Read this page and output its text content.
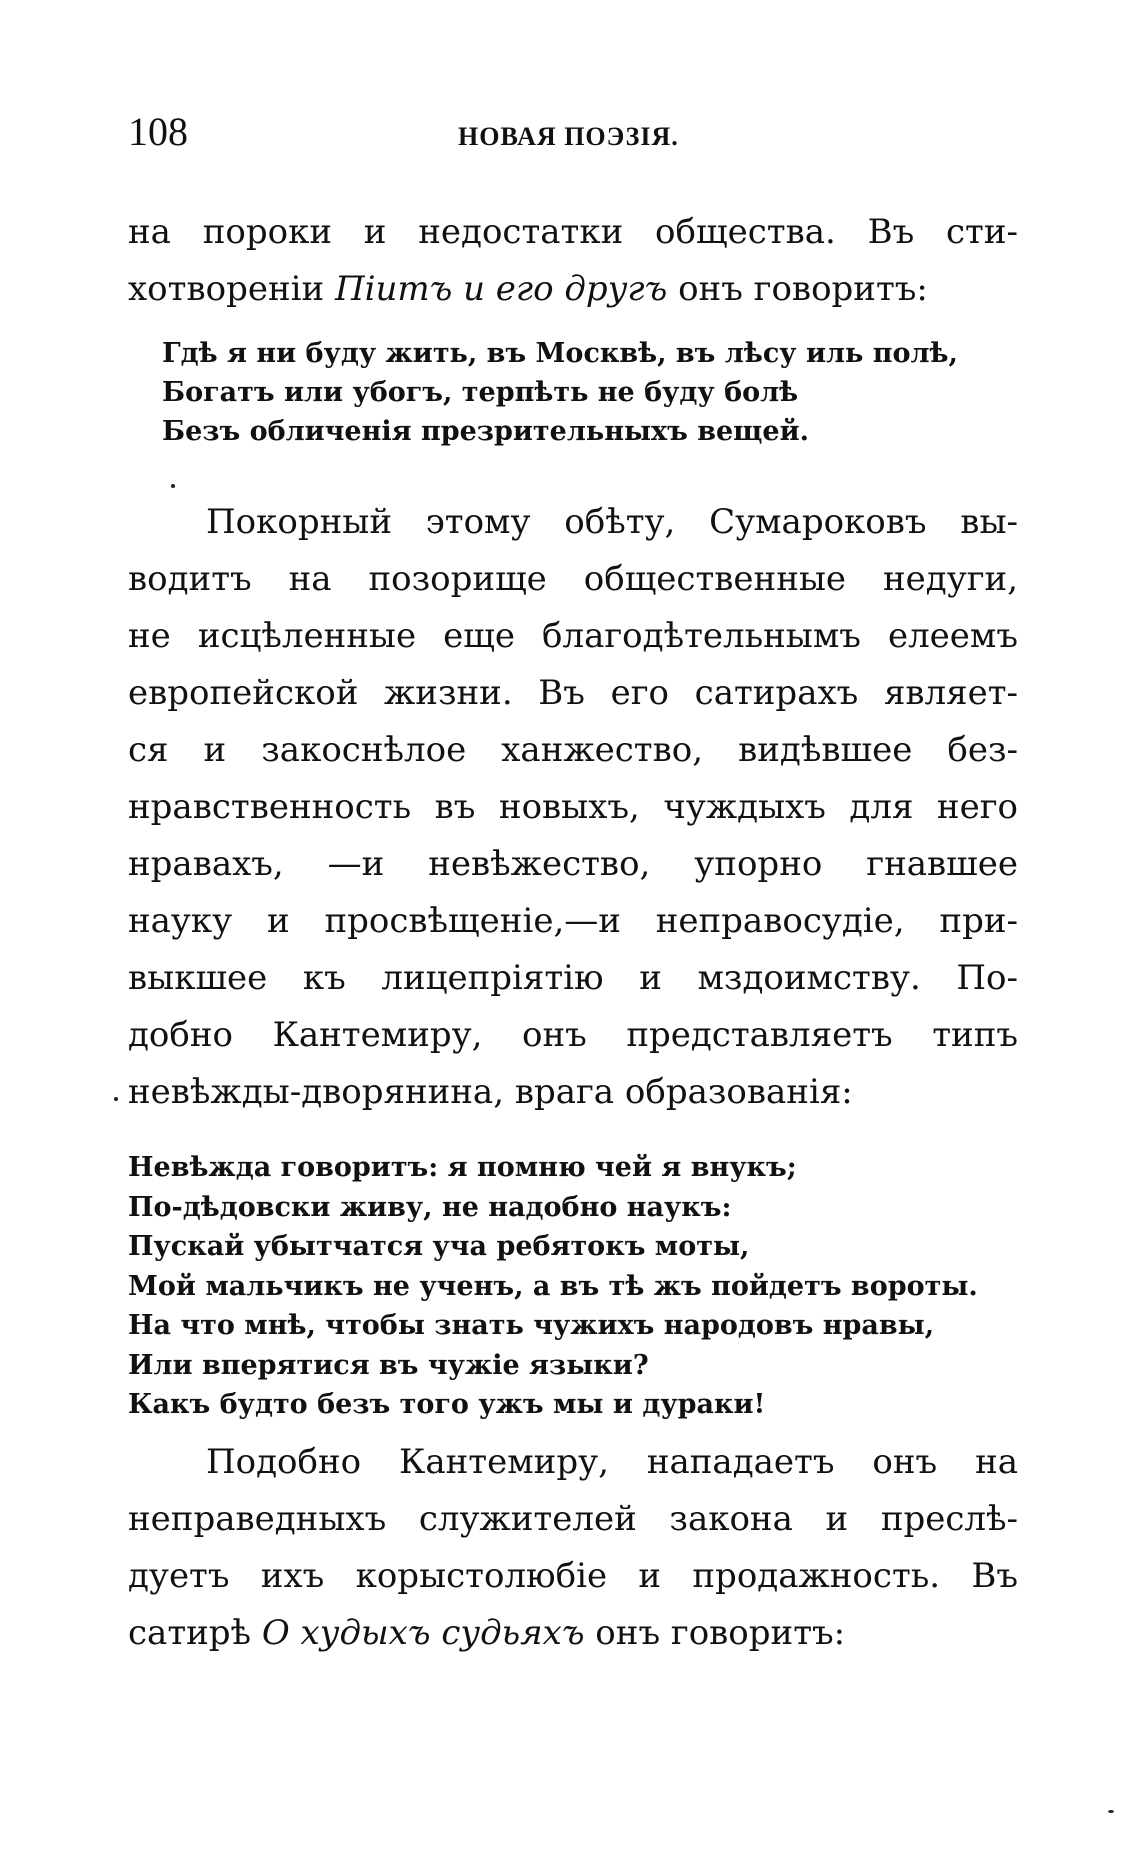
108	НОВАЯ ПОЭЗІЯ.
на пороки и недостатки общества. Въ сти-
хотвореніи Піитъ и его другъ онъ говоритъ:
Гдѣ я ни буду жить, въ Москвѣ, въ лѣсу иль полѣ,
Богатъ или убогъ, терпѣть не буду болѣ
Безъ обличенія презрительныхъ вещей.
Покорный этому обѣту, Сумароковъ вы-
водитъ на позорище общественные недуги,
не исцѣленные еще благодѣтельнымъ елеемъ
европейской жизни. Въ его сатирахъ являет-
ся и закоснѣлое ханжество, видѣвшее без-
нравственность въ новыхъ, чуждыхъ для него
нравахъ, —и невѣжество, упорно гнавшее
науку и просвѣщеніе,—и неправосудіе, при-
выкшее къ лицепріятію и мздоимству. По-
добно Кантемиру, онъ представляетъ типъ
невѣжды-дворянина, врага образованія:
Невѣжда говоритъ: я помню чей я внукъ;
По-дѣдовски живу, не надобно наукъ:
Пускай убытчатся уча ребятокъ моты,
Мой мальчикъ не ученъ, а въ тѣ жъ пойдетъ вороты.
На что мнѣ, чтобы знать чужихъ народовъ нравы,
Или вперятися въ чужіе языки?
Какъ будто безъ того ужъ мы и дураки!
Подобно Кантемиру, нападаетъ онъ на
неправедныхъ служителей закона и преслѣ-
дуетъ ихъ корыстолюбіе и продажность. Въ
сатирѣ О худыхъ судьяхъ онъ говоритъ:
